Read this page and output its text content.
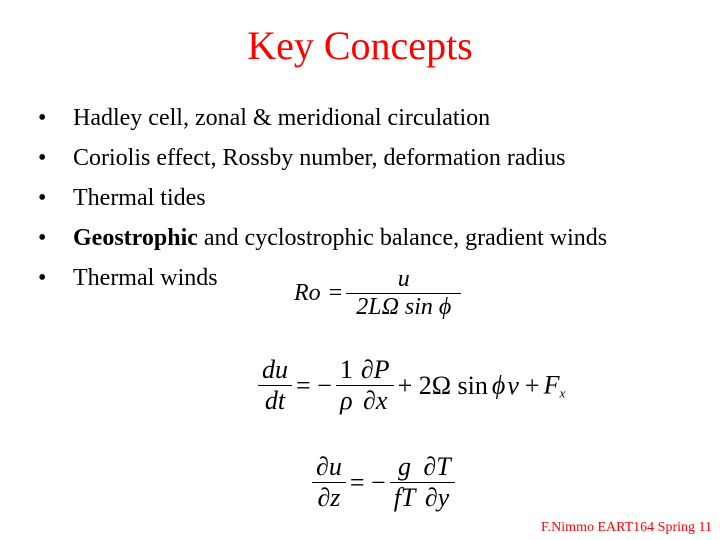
Key Concepts
• Hadley cell, zonal & meridional circulation
• Coriolis effect, Rossby number, deformation radius
• Thermal tides
• Geostrophic and cyclostrophic balance, gradient winds
• Thermal winds
$Ro = \frac{u}{\text{2LΩ sin ϕ}}$
$\frac{du}{dt}$ = − $\frac{1}{\rho} \frac{\partial P}{\partial x} + 2\Omega$ $\sin \phi v + F_x$
$\frac{\partial u}{\partial z}$ = − $\frac{g}{fT} \frac{\partial T}{\partial y}$
F.Nimmo EART164 Spring 11
